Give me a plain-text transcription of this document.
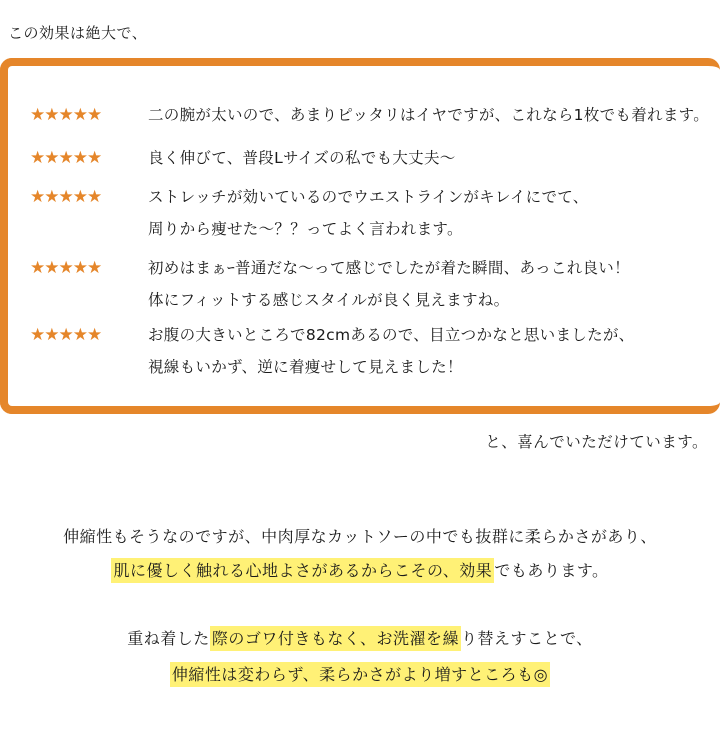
この効果は絶大で、

★★★★★	二の腕が太いので、あまりピッタリはイヤですが、これなら1枚でも着れます。
★★★★★	良く伸びて、普段Lサイズの私でも大丈夫～
★★★★★	ストレッチが効いているのでウエストラインがキレイにでて、
周りから痩せた～？？ってよく言われます。
★★★★★	初めはまぁｰ普通だな～って感じでしたが着た瞬間、あっこれ良い！
体にフィットする感じスタイルが良く見えますね。
★★★★★	お腹の大きいところで82cmあるので、目立つかなと思いましたが、
視線もいかず、逆に着痩せして見えました！

と、喜んでいただけています。

伸縮性もそうなのですが、中肉厚なカットソーの中でも抜群に柔らかさがあり、

肌に優しく触れる心地よさがあるからこその、効果 でもあります。

重ね着した 際のゴワ付きもなく、お洗濯を繰 り替えすことで、

伸縮性は変わらず、柔らかさがより増すところも◎
